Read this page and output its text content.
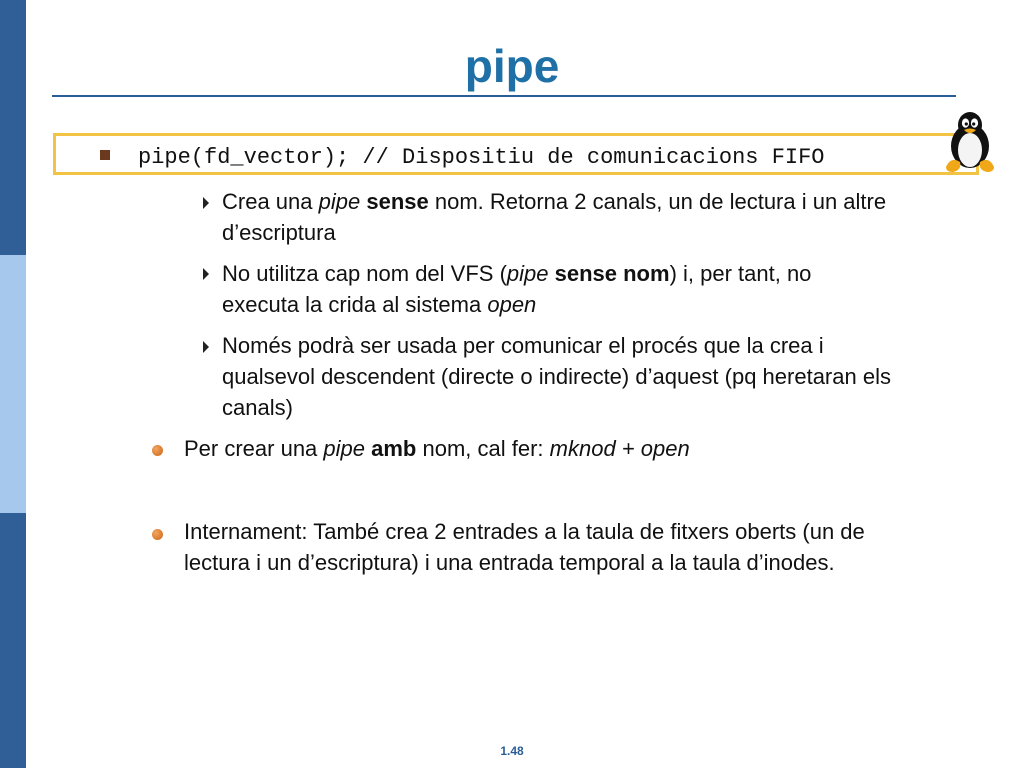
pipe
pipe(fd_vector); // Dispositiu de comunicacions FIFO
Crea una pipe sense nom. Retorna 2 canals, un de lectura i un altre
d’escriptura
No utilitza cap nom del VFS (pipe sense nom) i, per tant, no
executa la crida al sistema open
Només podrà ser usada per comunicar el procés que la crea i
qualsevol descendent (directe o indirecte) d’aquest (pq heretaran els
canals)
Per crear una pipe amb nom, cal fer: mknod + open
Internament: També crea 2 entrades a la taula de fitxers oberts (un de
lectura i un d’escriptura) i una entrada temporal a la taula d’inodes.
1.48
